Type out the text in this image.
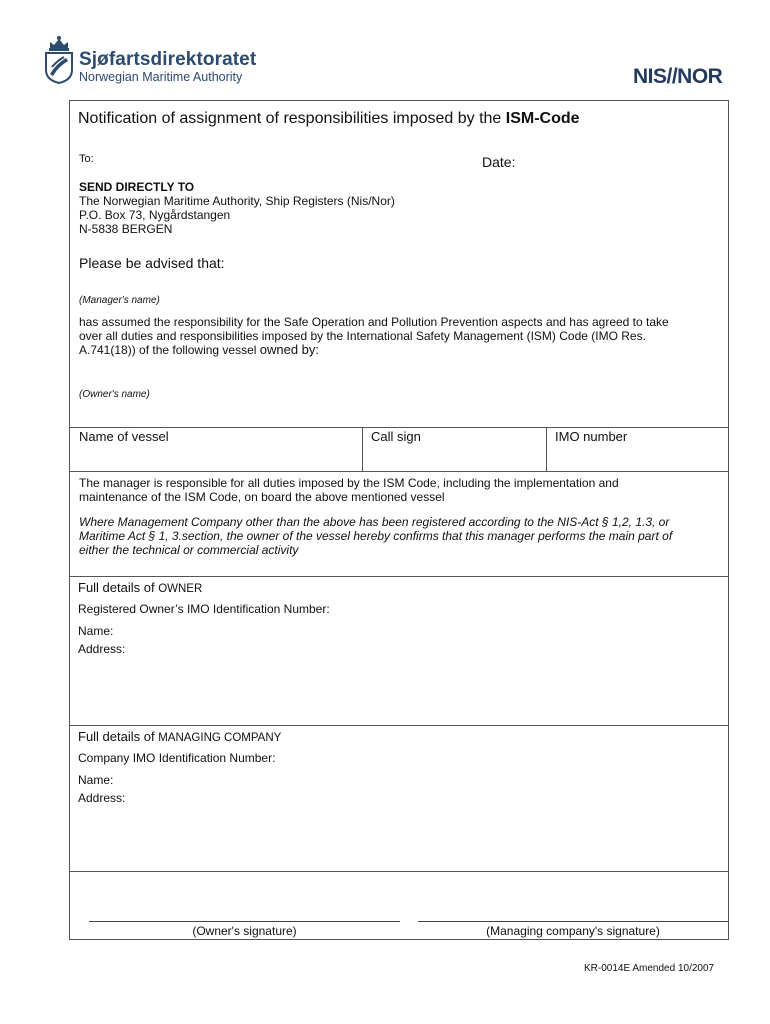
Sjøfartsdirektoratet
Norwegian Maritime Authority	NIS//NOR
Notification of assignment of responsibilities imposed by the ISM-Code
To:	Date:
SEND DIRECTLY TO
The Norwegian Maritime Authority, Ship Registers (Nis/Nor)
P.O. Box 73, Nygårdstangen
N-5838 BERGEN
Please be advised that:
(Manager's name)
has assumed the responsibility for the Safe Operation and Pollution Prevention aspects and has agreed to take
over all duties and responsibilities imposed by the International Safety Management (ISM) Code (IMO Res.
A.741(18)) of the following vessel owned by:
(Owner's name)
Name of vessel	Call sign	IMO number
The manager is responsible for all duties imposed by the ISM Code, including the implementation and
maintenance of the ISM Code, on board the above mentioned vessel
Where Management Company other than the above has been registered according to the NIS-Act § 1,2, 1.3, or
Maritime Act § 1, 3.section, the owner of the vessel hereby confirms that this manager performs the main part of
either the technical or commercial activity
Full details of OWNER
Registered Owner’s IMO Identification Number:
Name:
Address:
Full details of MANAGING COMPANY
Company IMO Identification Number:
Name:
Address:
(Owner's signature)	(Managing company's signature)
KR-0014E Amended 10/2007
